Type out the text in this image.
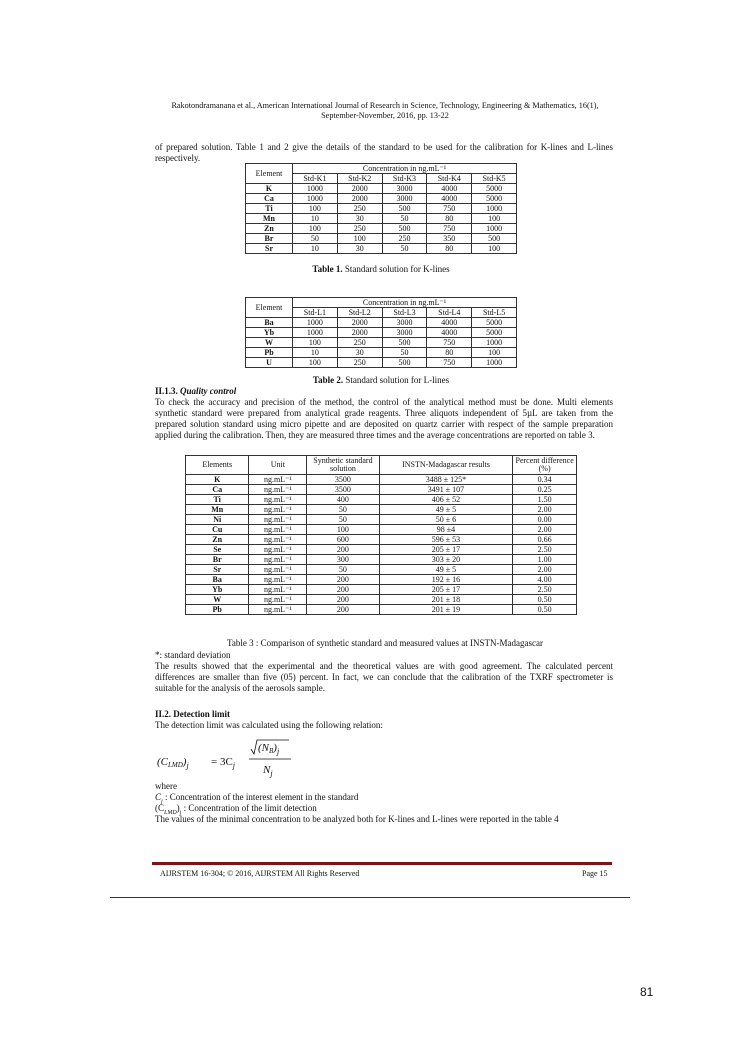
Rakotondramanana et al., American International Journal of Research in Science, Technology, Engineering & Mathematics, 16(1),
September-November, 2016, pp. 13-22

of prepared solution. Table 1 and 2 give the details of the standard to be used for the calibration for K-lines and L-lines respectively.

Element	Concentration in ng.mL⁻¹				
	Std-K1	Std-K2	Std-K3	Std-K4	Std-K5
K	1000	2000	3000	4000	5000
Ca	1000	2000	3000	4000	5000
Ti	100	250	500	750	1000
Mn	10	30	50	80	100
Zn	100	250	500	750	1000
Br	50	100	250	350	500
Sr	10	30	50	80	100
Table 1. Standard solution for K-lines
Element	Concentration in ng.mL⁻¹				
	Std-L1	Std-L2	Std-L3	Std-L4	Std-L5
Ba	1000	2000	3000	4000	5000
Yb	1000	2000	3000	4000	5000
W	100	250	500	750	1000
Pb	10	30	50	80	100
U	100	250	500	750	1000
Table 2. Standard solution for L-lines
II.1.3. Quality control

To check the accuracy and precision of the method, the control of the analytical method must be done. Multi elements synthetic standard were prepared from analytical grade reagents. Three aliquots independent of 5µL are taken from the prepared solution standard using micro pipette and are deposited on quartz carrier with respect of the sample preparation applied during the calibration. Then, they are measured three times and the average concentrations are reported on table 3.

Elements	Unit	Synthetic standard solution	INSTN-Madagascar results	Percent difference (%)
K	ng.mL⁻¹	3500	3488 ± 125*	0.34
Ca	ng.mL⁻¹	3500	3491 ± 107	0.25
Ti	ng.mL⁻¹	400	406 ± 52	1.50
Mn	ng.mL⁻¹	50	49 ± 5	2.00
Ni	ng.mL⁻¹	50	50 ± 6	0.00
Cu	ng.mL⁻¹	100	98 ±4	2.00
Zn	ng.mL⁻¹	600	596 ± 53	0.66
Se	ng.mL⁻¹	200	205 ± 17	2.50
Br	ng.mL⁻¹	300	303 ± 20	1.00
Sr	ng.mL⁻¹	50	49 ± 5	2.00
Ba	ng.mL⁻¹	200	192 ± 16	4.00
Yb	ng.mL⁻¹	200	205 ± 17	2.50
W	ng.mL⁻¹	200	201 ± 18	0.50
Pb	ng.mL⁻¹	200	201 ± 19	0.50
Table 3 : Comparison of synthetic standard and measured values at INSTN-Madagascar
*: standard deviation

The results showed that the experimental and the theoretical values are with good agreement. The calculated percent differences are smaller than five (05) percent. In fact, we can conclude that the calibration of the TXRF spectrometer is suitable for the analysis of the aerosols sample.

II.2. Detection limit
The detection limit was calculated using the following relation:
$(CLMD)_j = 3C_j$
$(NB)_j$
$N_j$
where
$C_j$ : Concentration of the interest element in the standard
$(C_{LMD})_j$ : Concentration of the limit detection
The values of the minimal concentration to be analyzed both for K-lines and L-lines were reported in the table 4
AIJRSTEM 16-304; © 2016, AIJRSTEM All Rights Reserved	Page 15
81
